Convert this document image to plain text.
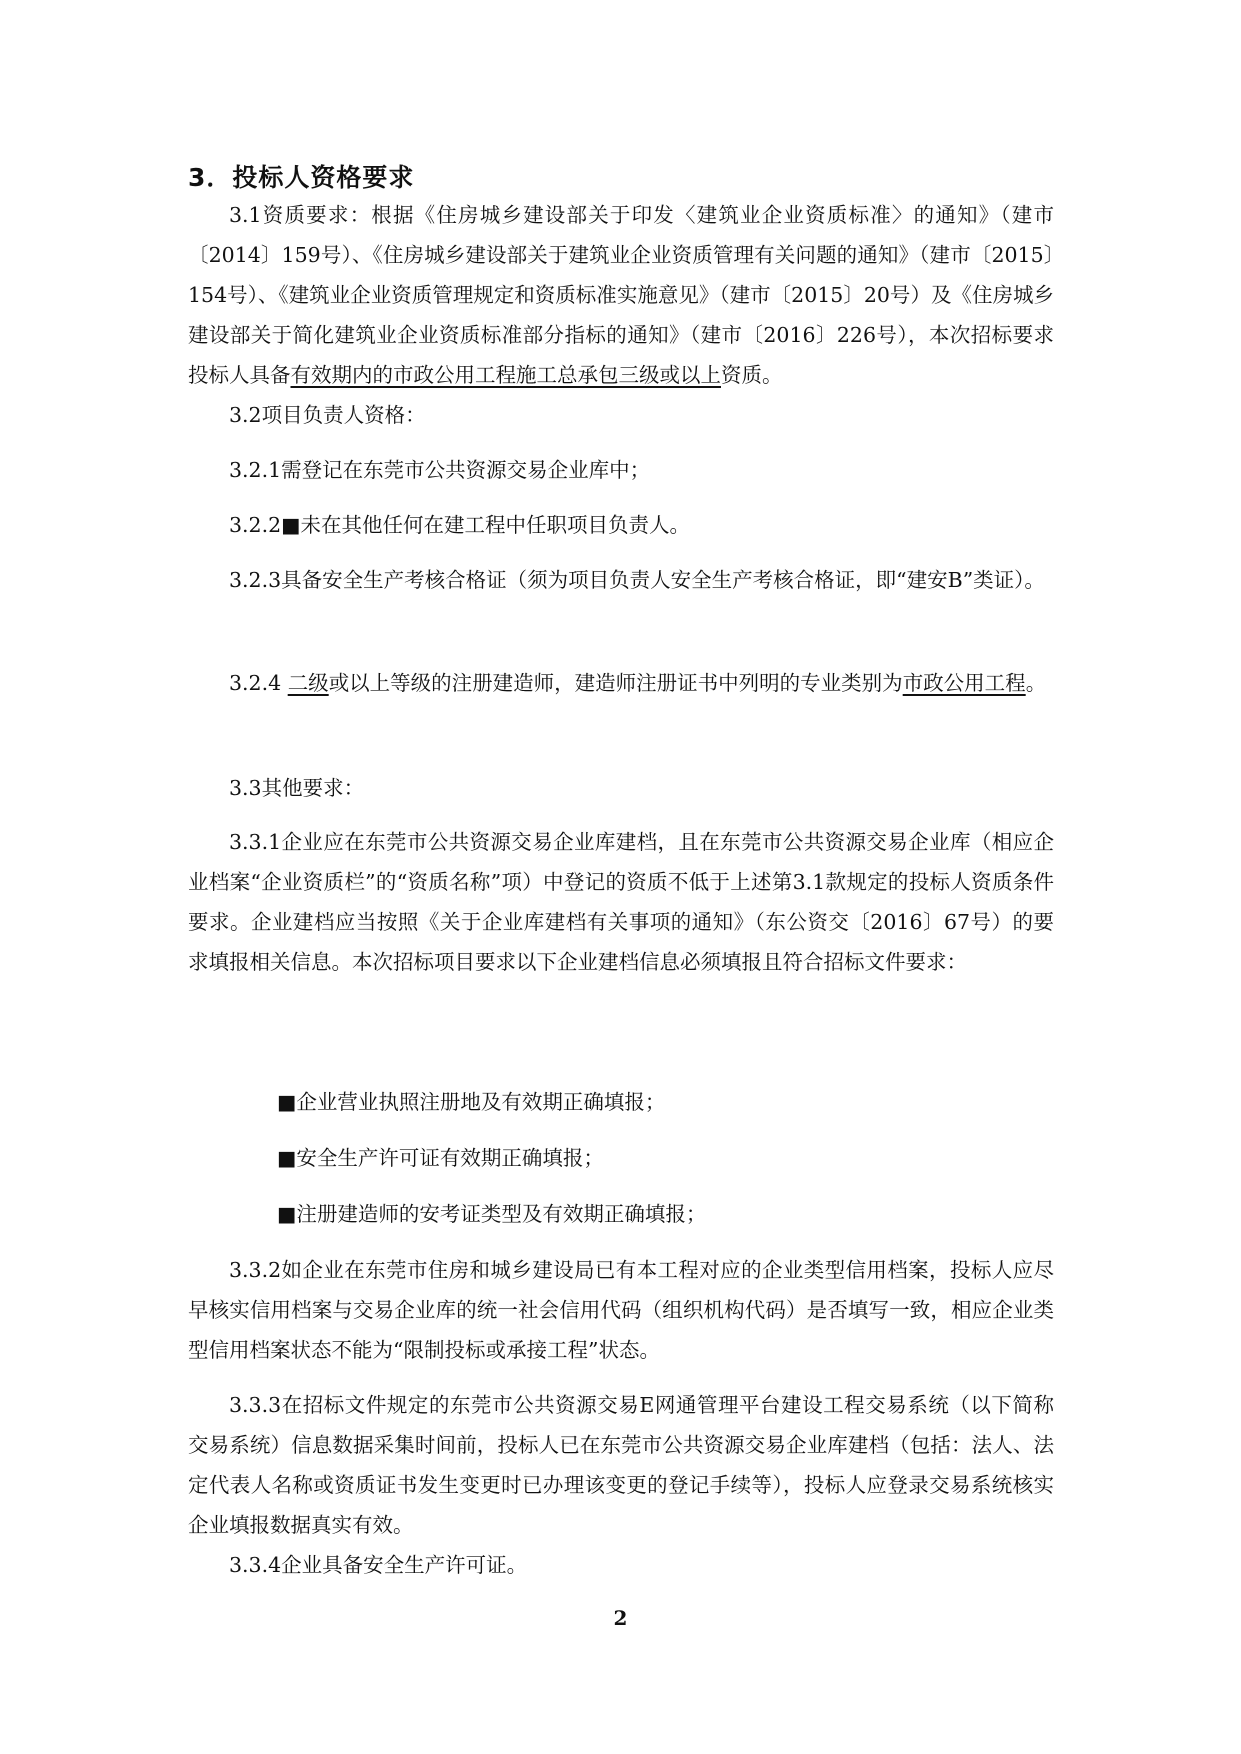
3．投标人资格要求
3.1资质要求：根据《住房城乡建设部关于印发〈建筑业企业资质标准〉的通知》（建市〔2014〕159号）、《住房城乡建设部关于建筑业企业资质管理有关问题的通知》（建市〔2015〕154号）、《建筑业企业资质管理规定和资质标准实施意见》（建市〔2015〕20号）及《住房城乡建设部关于简化建筑业企业资质标准部分指标的通知》（建市〔2016〕226号），本次招标要求投标人具备有效期内的市政公用工程施工总承包三级或以上资质。
3.2项目负责人资格：
3.2.1需登记在东莞市公共资源交易企业库中；
3.2.2■未在其他任何在建工程中任职项目负责人。
3.2.3具备安全生产考核合格证（须为项目负责人安全生产考核合格证，即“建安B”类证）。
3.2.4 二级或以上等级的注册建造师，建造师注册证书中列明的专业类别为市政公用工程。
3.3其他要求：
3.3.1企业应在东莞市公共资源交易企业库建档，且在东莞市公共资源交易企业库（相应企业档案“企业资质栏”的“资质名称”项）中登记的资质不低于上述第3.1款规定的投标人资质条件要求。企业建档应当按照《关于企业库建档有关事项的通知》（东公资交〔2016〕67号）的要求填报相关信息。本次招标项目要求以下企业建档信息必须填报且符合招标文件要求：
■企业营业执照注册地及有效期正确填报；
■安全生产许可证有效期正确填报；
■注册建造师的安考证类型及有效期正确填报；
3.3.2如企业在东莞市住房和城乡建设局已有本工程对应的企业类型信用档案，投标人应尽早核实信用档案与交易企业库的统一社会信用代码（组织机构代码）是否填写一致，相应企业类型信用档案状态不能为“限制投标或承接工程”状态。
3.3.3在招标文件规定的东莞市公共资源交易E网通管理平台建设工程交易系统（以下简称交易系统）信息数据采集时间前，投标人已在东莞市公共资源交易企业库建档（包括：法人、法定代表人名称或资质证书发生变更时已办理该变更的登记手续等），投标人应登录交易系统核实企业填报数据真实有效。
3.3.4企业具备安全生产许可证。
2
